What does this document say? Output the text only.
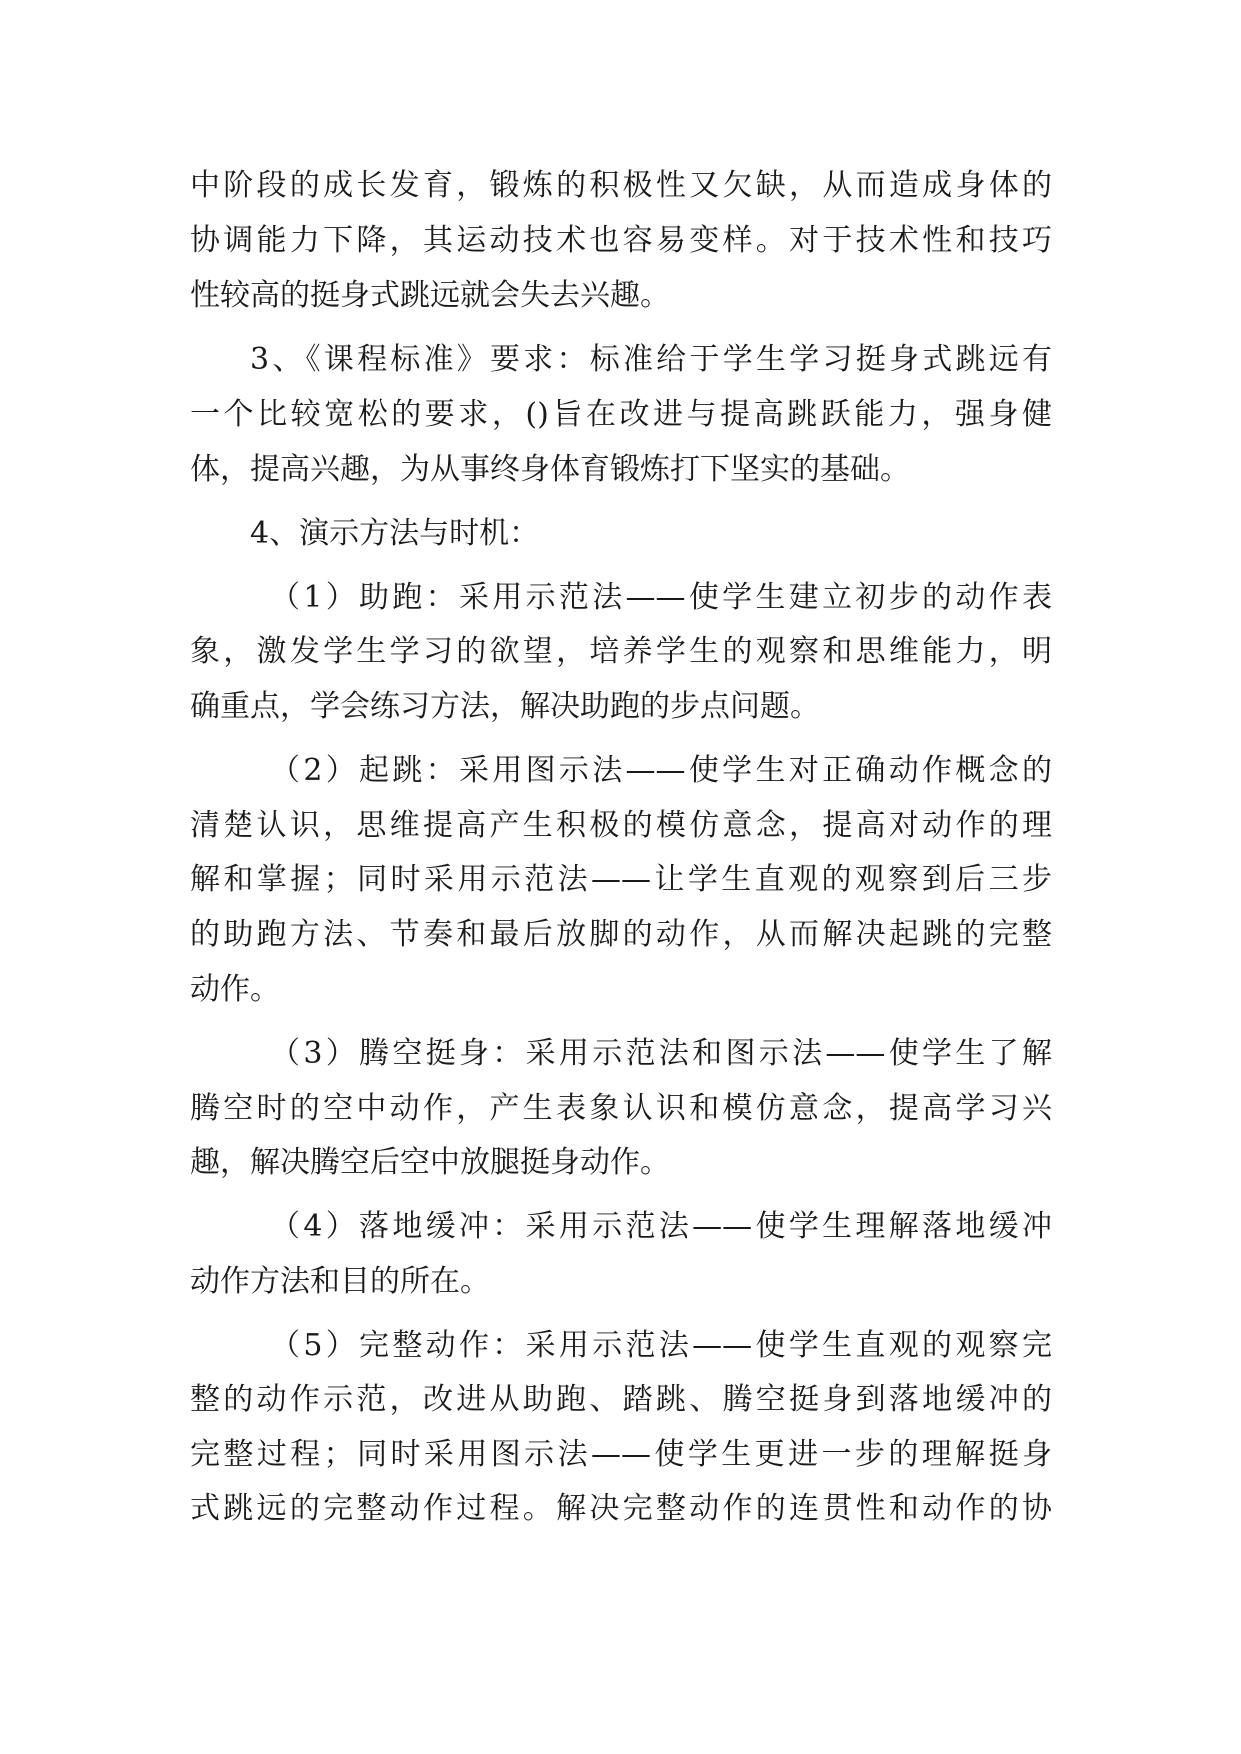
中阶段的成长发育，锻炼的积极性又欠缺，从而造成身体的
协调能力下降，其运动技术也容易变样。对于技术性和技巧
性较高的挺身式跳远就会失去兴趣。
3、《课程标准》要求：标准给于学生学习挺身式跳远有
一个比较宽松的要求，()旨在改进与提高跳跃能力，强身健
体，提高兴趣，为从事终身体育锻炼打下坚实的基础。
4、演示方法与时机：
（1）助跑：采用示范法——使学生建立初步的动作表
象，激发学生学习的欲望，培养学生的观察和思维能力，明
确重点，学会练习方法，解决助跑的步点问题。
（2）起跳：采用图示法——使学生对正确动作概念的
清楚认识，思维提高产生积极的模仿意念，提高对动作的理
解和掌握；同时采用示范法——让学生直观的观察到后三步
的助跑方法、节奏和最后放脚的动作，从而解决起跳的完整
动作。
（3）腾空挺身：采用示范法和图示法——使学生了解
腾空时的空中动作，产生表象认识和模仿意念，提高学习兴
趣，解决腾空后空中放腿挺身动作。
（4）落地缓冲：采用示范法——使学生理解落地缓冲
动作方法和目的所在。
（5）完整动作：采用示范法——使学生直观的观察完
整的动作示范，改进从助跑、踏跳、腾空挺身到落地缓冲的
完整过程；同时采用图示法——使学生更进一步的理解挺身
式跳远的完整动作过程。解决完整动作的连贯性和动作的协
